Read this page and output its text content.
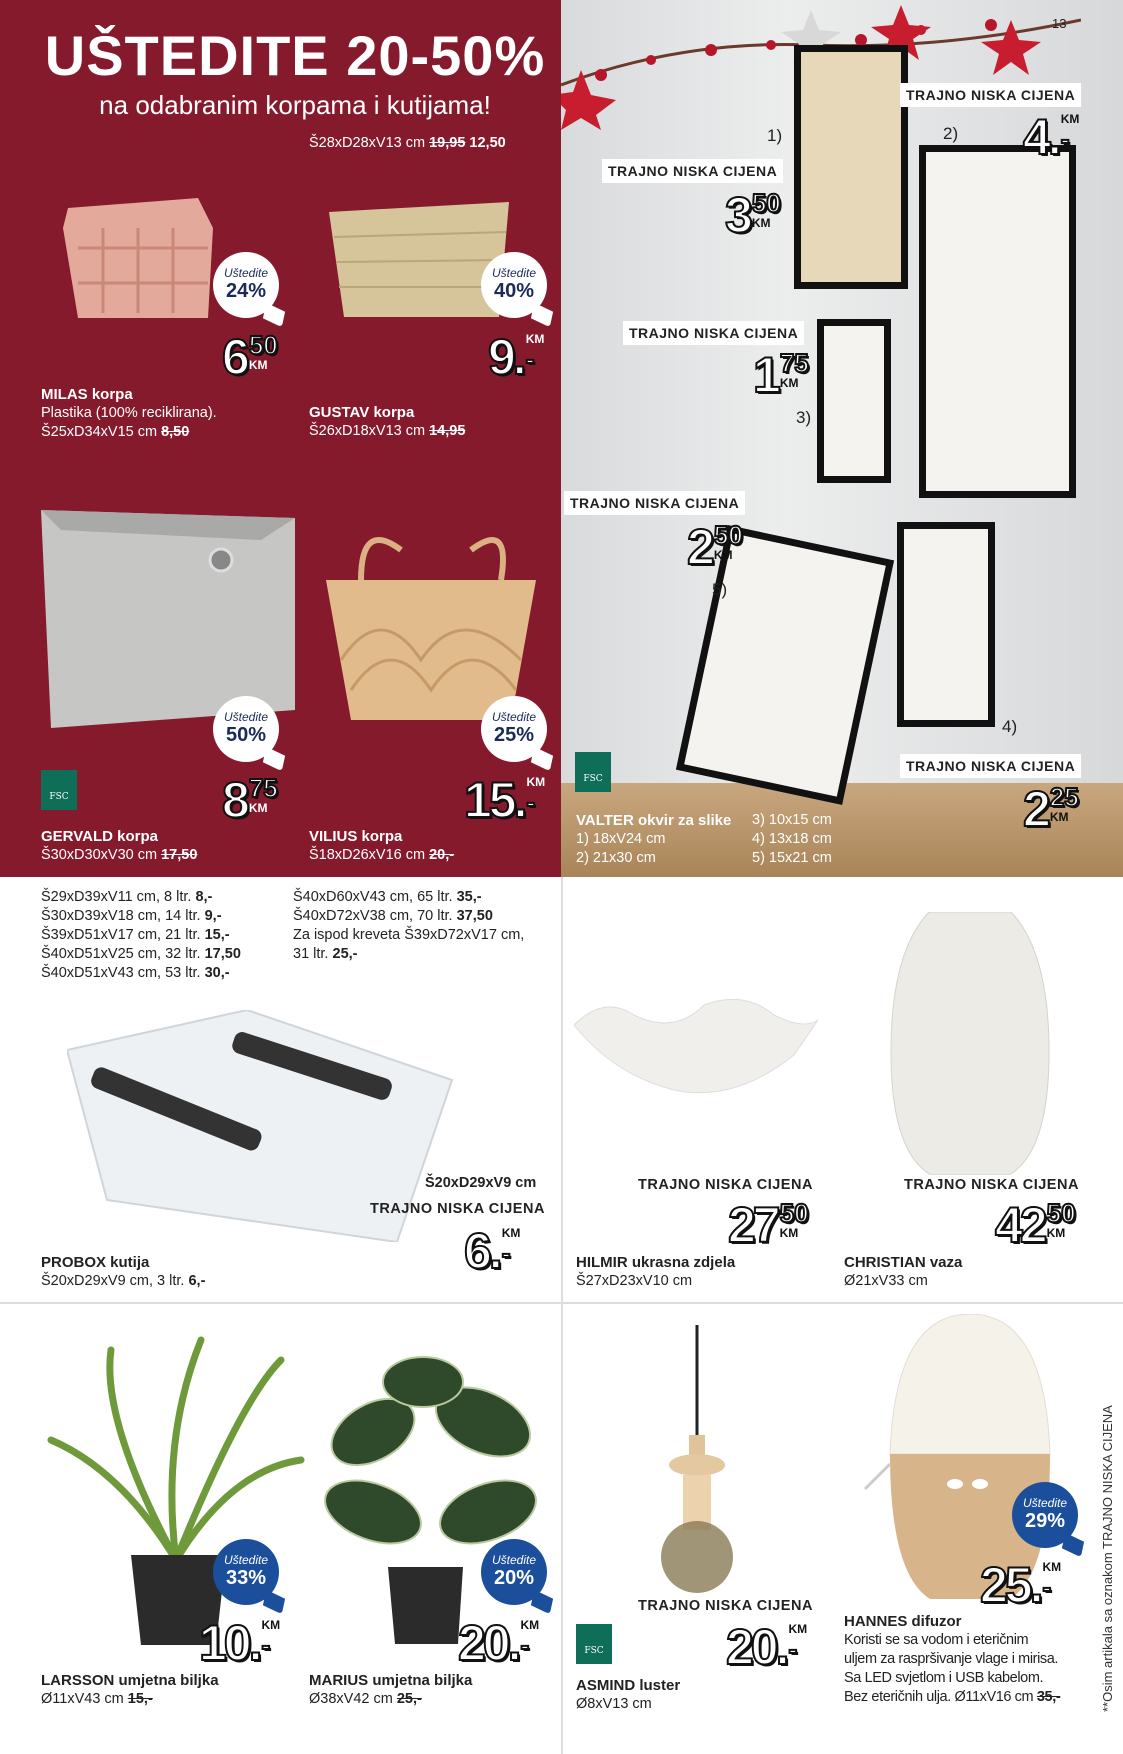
13
UŠTEDITE 20-50%
na odabranim korpama i kutijama!
Š28xD28xV13 cm 19,95 12,50
Uštedite
24%
6 50
KM
MILAS korpa
Plastika (100% reciklirana).
Š25xD34xV15 cm 8,50
Uštedite
40%
9. KM
-
GUSTAV korpa
Š26xD18xV13 cm 14,95
Uštedite
50%
FSC	8 75
KM
GERVALD korpa
Š30xD30xV30 cm 17,50
Uštedite
25%
15. KM
-
VILIUS korpa
Š18xD26xV16 cm 20,-
1)	2)
3)
4)
5)
TRAJNO NISKA CIJENA
4. KM
-
TRAJNO NISKA CIJENA
3 50
KM
TRAJNO NISKA CIJENA
1 75
KM
TRAJNO NISKA CIJENA
2 50
KM
TRAJNO NISKA CIJENA
2 25
KM
FSC
VALTER okvir za slike
1) 18xV24 cm
2) 21x30 cm
3) 10x15 cm
4) 13x18 cm
5) 15x21 cm
Š29xD39xV11 cm, 8 ltr. 8,-
Š30xD39xV18 cm, 14 ltr. 9,-
Š39xD51xV17 cm, 21 ltr. 15,-
Š40xD51xV25 cm, 32 ltr. 17,50
Š40xD51xV43 cm, 53 ltr. 30,-
Š40xD60xV43 cm, 65 ltr. 35,-
Š40xD72xV38 cm, 70 ltr. 37,50
Za ispod kreveta Š39xD72xV17 cm,
31 ltr. 25,-
Š20xD29xV9 cm
TRAJNO NISKA CIJENA
6. KM
-
PROBOX kutija
Š20xD29xV9 cm, 3 ltr. 6,-
TRAJNO NISKA CIJENA
27 50
KM
HILMIR ukrasna zdjela
Š27xD23xV10 cm
TRAJNO NISKA CIJENA
42 50
KM
CHRISTIAN vaza
Ø21xV33 cm
Uštedite
33%
10. KM
-
LARSSON umjetna biljka
Ø11xV43 cm 15,-
Uštedite
20%
20. KM
-
MARIUS umjetna biljka
Ø38xV42 cm 25,-
TRAJNO NISKA CIJENA
FSC 20. KM
-
ASMIND luster
Ø8xV13 cm
Uštedite
29%
25. KM
-
HANNES difuzor
Koristi se sa vodom i eteričnim
uljem za raspršivanje vlage i mirisa.
Sa LED svjetlom i USB kabelom.
Bez eteričnih ulja. Ø11xV16 cm 35,-	**Osim artikala sa oznakom TRAJNO NISKA CIJENA
